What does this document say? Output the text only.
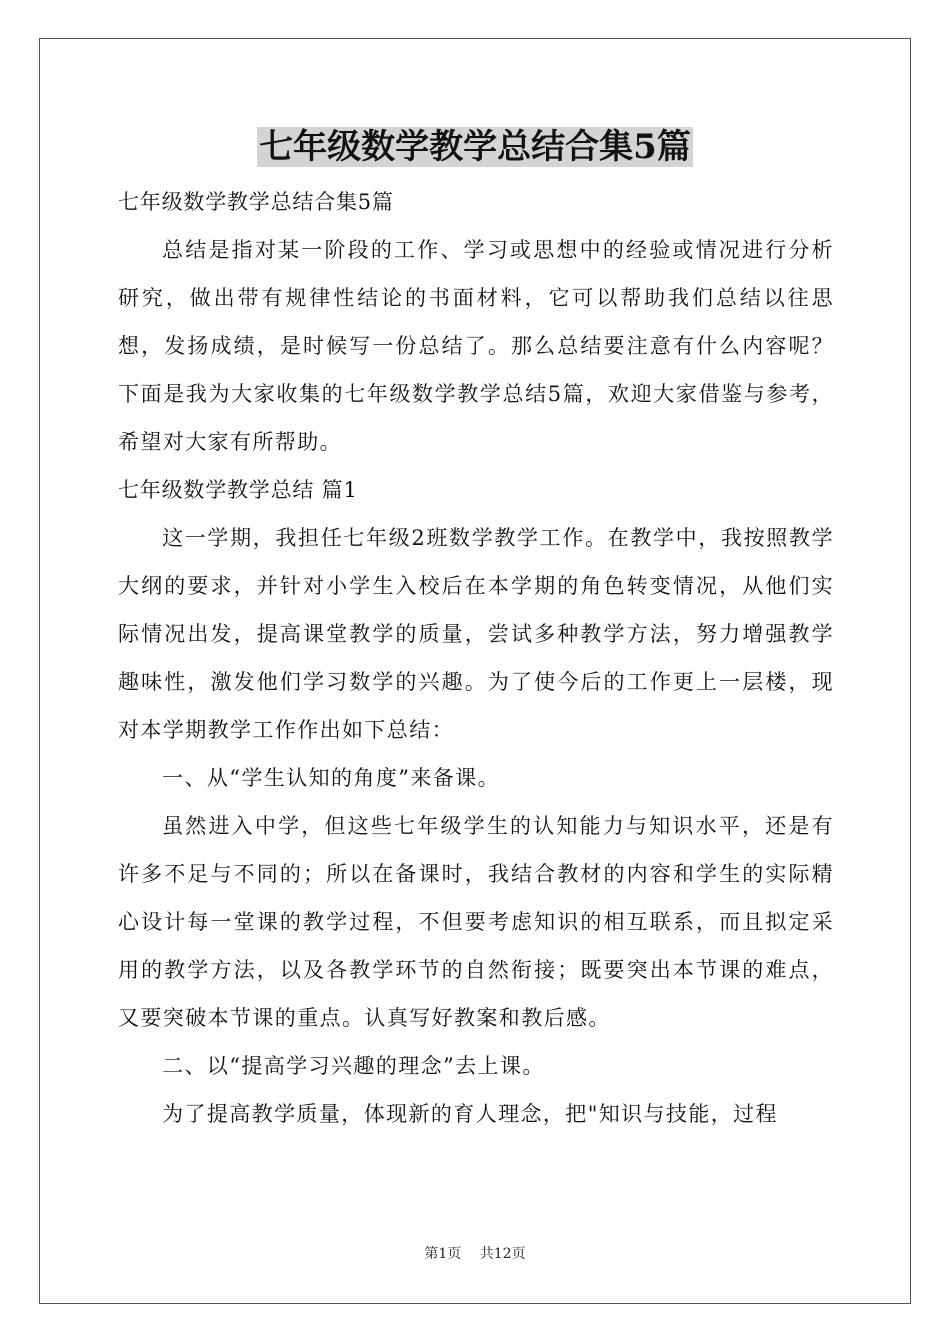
七年级数学教学总结合集5篇

七年级数学教学总结合集5篇

总结是指对某一阶段的工作、学习或思想中的经验或情况进行分析研究，做出带有规律性结论的书面材料，它可以帮助我们总结以往思想，发扬成绩，是时候写一份总结了。那么总结要注意有什么内容呢？下面是我为大家收集的七年级数学教学总结5篇，欢迎大家借鉴与参考，希望对大家有所帮助。

七年级数学教学总结 篇1

这一学期，我担任七年级2班数学教学工作。在教学中，我按照教学大纲的要求，并针对小学生入校后在本学期的角色转变情况，从他们实际情况出发，提高课堂教学的质量，尝试多种教学方法，努力增强教学趣味性，激发他们学习数学的兴趣。为了使今后的工作更上一层楼，现对本学期教学工作作出如下总结：

一、从“学生认知的角度”来备课。

虽然进入中学，但这些七年级学生的认知能力与知识水平，还是有许多不足与不同的；所以在备课时，我结合教材的内容和学生的实际精心设计每一堂课的教学过程，不但要考虑知识的相互联系，而且拟定采用的教学方法，以及各教学环节的自然衔接；既要突出本节课的难点，又要突破本节课的重点。认真写好教案和教后感。

二、以“提高学习兴趣的理念”去上课。

为了提高教学质量，体现新的育人理念，把"知识与技能，过程

第1页 共12页
